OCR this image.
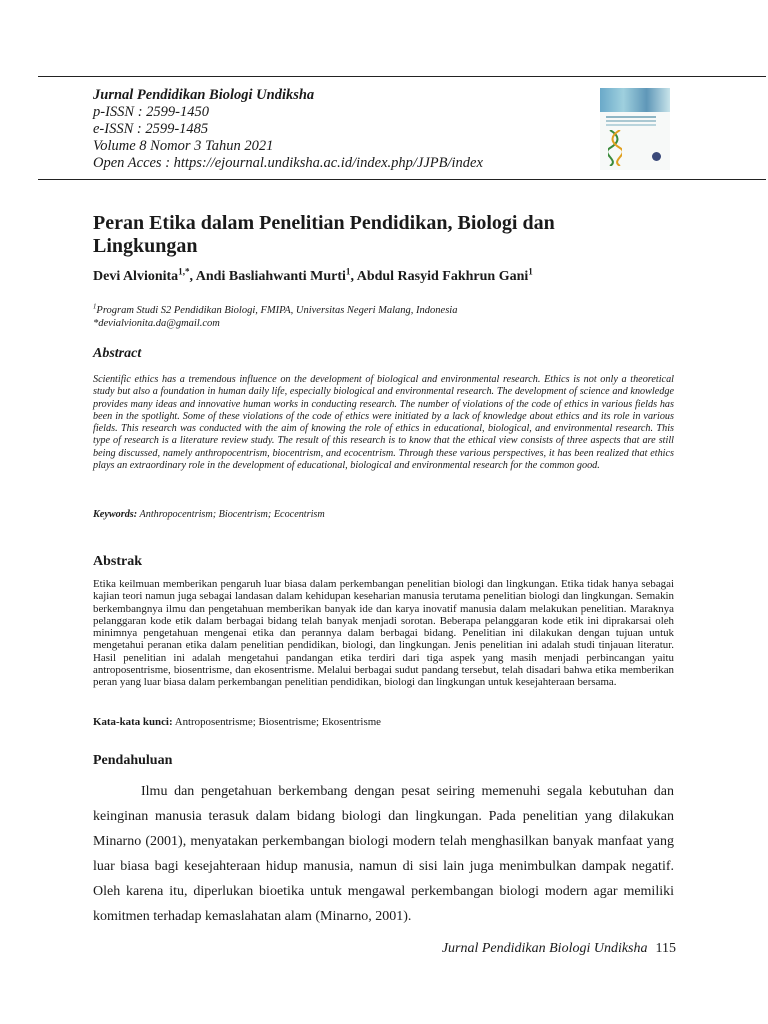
Jurnal Pendidikan Biologi Undiksha
p-ISSN : 2599-1450
e-ISSN : 2599-1485
Volume 8 Nomor 3 Tahun 2021
Open Acces : https://ejournal.undiksha.ac.id/index.php/JJPB/index
Peran Etika dalam Penelitian Pendidikan, Biologi dan Lingkungan
Devi Alvionita$^{1,*}$, Andi Basliahwanti Murti$^1$, Abdul Rasyid Fakhrun Gani$^1$
$^1$Program Studi S2 Pendidikan Biologi, FMIPA, Universitas Negeri Malang, Indonesia
*devialvionita.da@gmail.com
Abstract

Scientific ethics has a tremendous influence on the development of biological and environmental research. Ethics is not only a theoretical study but also a foundation in human daily life, especially biological and environmental research. The development of science and knowledge provides many ideas and innovative human works in conducting research. The number of violations of the code of ethics in various fields has been in the spotlight. Some of these violations of the code of ethics were initiated by a lack of knowledge about ethics and its role in various fields. This research was conducted with the aim of knowing the role of ethics in educational, biological, and environmental research. This type of research is a literature review study. The result of this research is to know that the ethical view consists of three aspects that are still being discussed, namely anthropocentrism, biocentrism, and ecocentrism. Through these various perspectives, it has been realized that ethics plays an extraordinary role in the development of educational, biological and environmental research for the common good.

Keywords: Anthropocentrism; Biocentrism; Ecocentrism
Abstrak

Etika keilmuan memberikan pengaruh luar biasa dalam perkembangan penelitian biologi dan lingkungan. Etika tidak hanya sebagai kajian teori namun juga sebagai landasan dalam kehidupan keseharian manusia terutama penelitian biologi dan lingkungan. Semakin berkembangnya ilmu dan pengetahuan memberikan banyak ide dan karya inovatif manusia dalam melakukan penelitian. Maraknya pelanggaran kode etik dalam berbagai bidang telah banyak menjadi sorotan. Beberapa pelanggaran kode etik ini diprakarsai oleh minimnya pengetahuan mengenai etika dan perannya dalam berbagai bidang. Penelitian ini dilakukan dengan tujuan untuk mengetahui peranan etika dalam penelitian pendidikan, biologi, dan lingkungan. Jenis penelitian ini adalah studi tinjauan literatur. Hasil penelitian ini adalah mengetahui pandangan etika terdiri dari tiga aspek yang masih menjadi perbincangan yaitu antroposentrisme, biosentrisme, dan ekosentrisme. Melalui berbagai sudut pandang tersebut, telah disadari bahwa etika memberikan peran yang luar biasa dalam perkembangan penelitian pendidikan, biologi dan lingkungan untuk kesejahteraan bersama.

Kata-kata kunci: Antroposentrisme; Biosentrisme; Ekosentrisme
Pendahuluan

Ilmu dan pengetahuan berkembang dengan pesat seiring memenuhi segala kebutuhan dan keinginan manusia terasuk dalam bidang biologi dan lingkungan. Pada penelitian yang dilakukan Minarno (2001), menyatakan perkembangan biologi modern telah menghasilkan banyak manfaat yang luar biasa bagi kesejahteraan hidup manusia, namun di sisi lain juga menimbulkan dampak negatif. Oleh karena itu, diperlukan bioetika untuk mengawal perkembangan biologi modern agar memiliki komitmen terhadap kemaslahatan alam (Minarno, 2001).

Jurnal Pendidikan Biologi Undiksha 115
